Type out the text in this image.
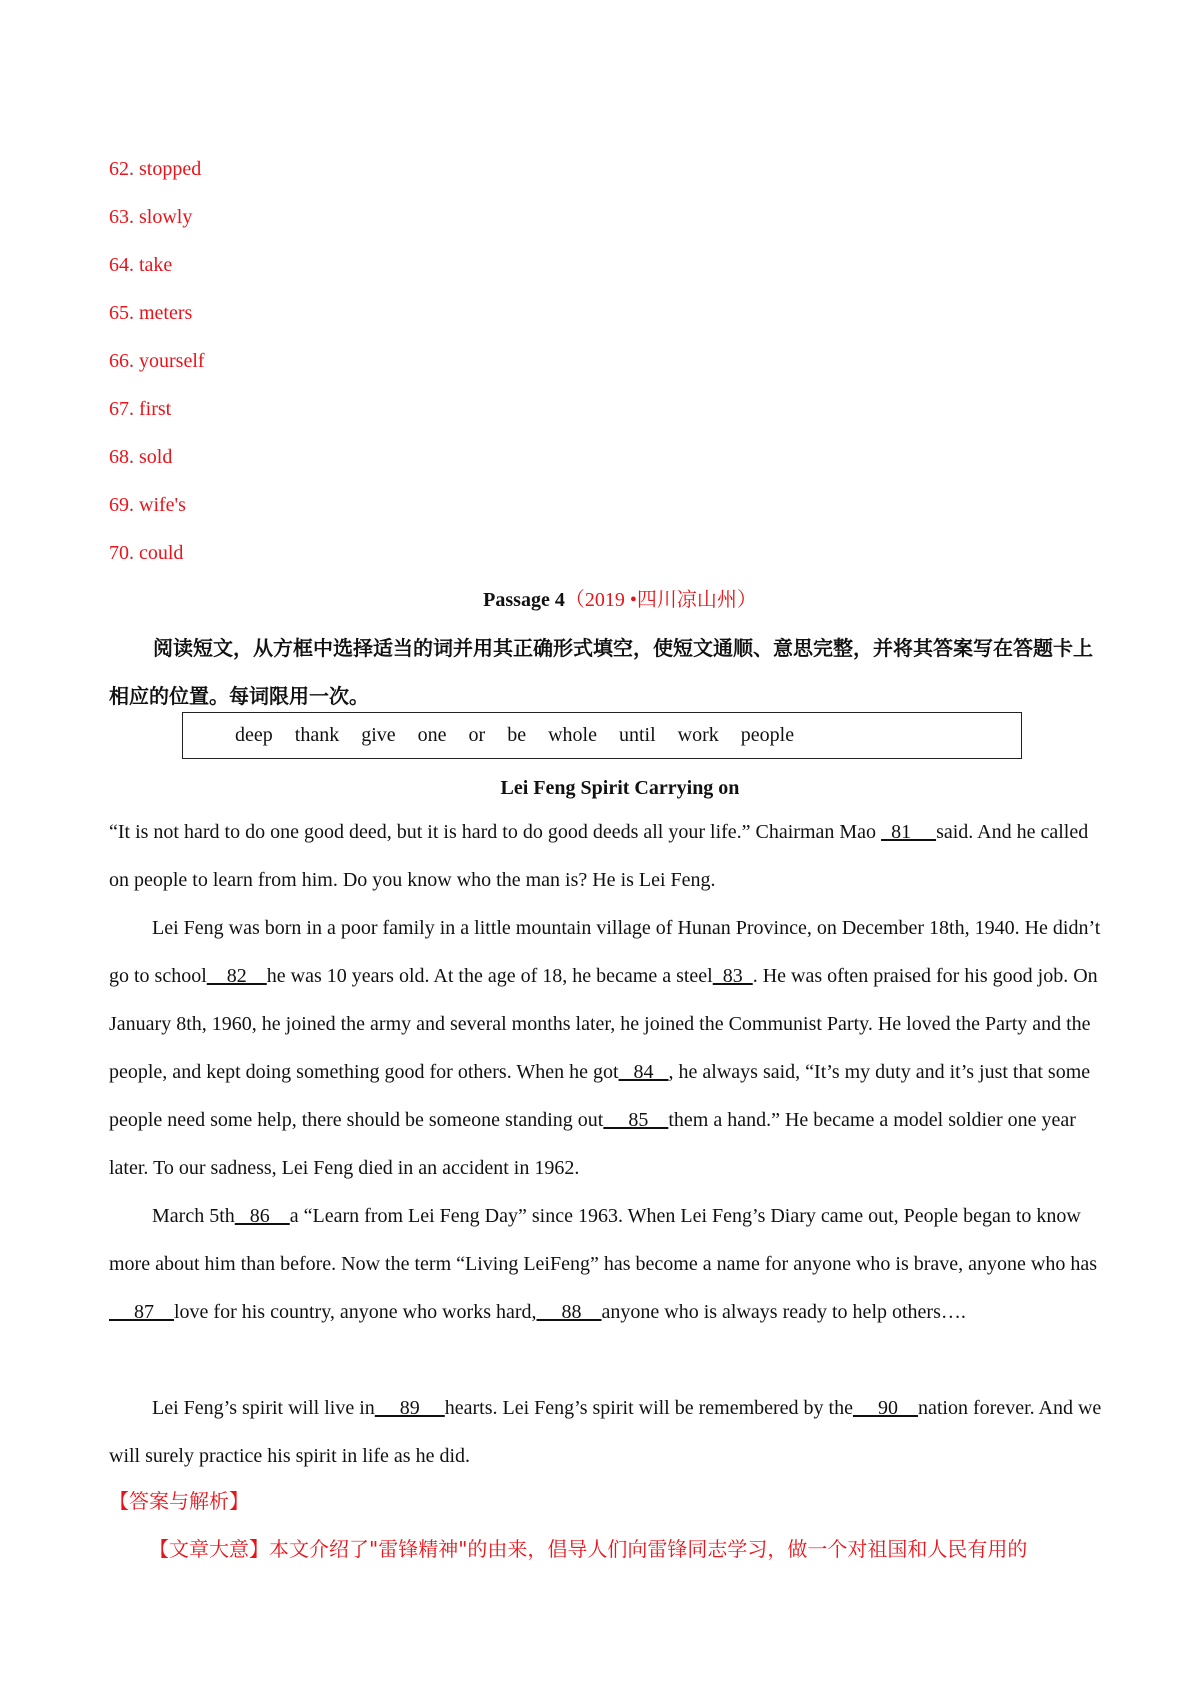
62. stopped
63. slowly
64. take
65. meters
66. yourself
67. first
68. sold
69. wife's
70. could
Passage 4（2019 •四川凉山州）
阅读短文，从方框中选择适当的词并用其正确形式填空，使短文通顺、意思完整，并将其答案写在答题卡上相应的位置。每词限用一次。
deep thank give one or be whole until work people
Lei Feng Spirit Carrying on
“It is not hard to do one good deed, but it is hard to do good deeds all your life.” Chairman Mao   81     said. And he called on people to learn from him. Do you know who the man is? He is Lei Feng.
Lei Feng was born in a poor family in a little mountain village of Hunan Province, on December 18th, 1940. He didn’t go to school    82    he was 10 years old. At the age of 18, he became a steel  83  . He was often praised for his good job. On January 8th, 1960, he joined the army and several months later, he joined the Communist Party. He loved the Party and the people, and kept doing something good for others. When he got   84   , he always said, “It’s my duty and it’s just that some people need some help, there should be someone standing out     85    them a hand.” He became a model soldier one year later. To our sadness, Lei Feng died in an accident in 1962.
March 5th   86    a “Learn from Lei Feng Day” since 1963. When Lei Feng’s Diary came out, People began to know more about him than before. Now the term “Living LeiFeng” has become a name for anyone who is brave, anyone who has     87    love for his country, anyone who works hard,     88    anyone who is always ready to help others….
Lei Feng’s spirit will live in     89     hearts. Lei Feng’s spirit will be remembered by the     90    nation forever. And we will surely practice his spirit in life as he did.
【答案与解析】
【文章大意】本文介绍了"雷锋精神"的由来，倡导人们向雷锋同志学习，做一个对祖国和人民有用的
